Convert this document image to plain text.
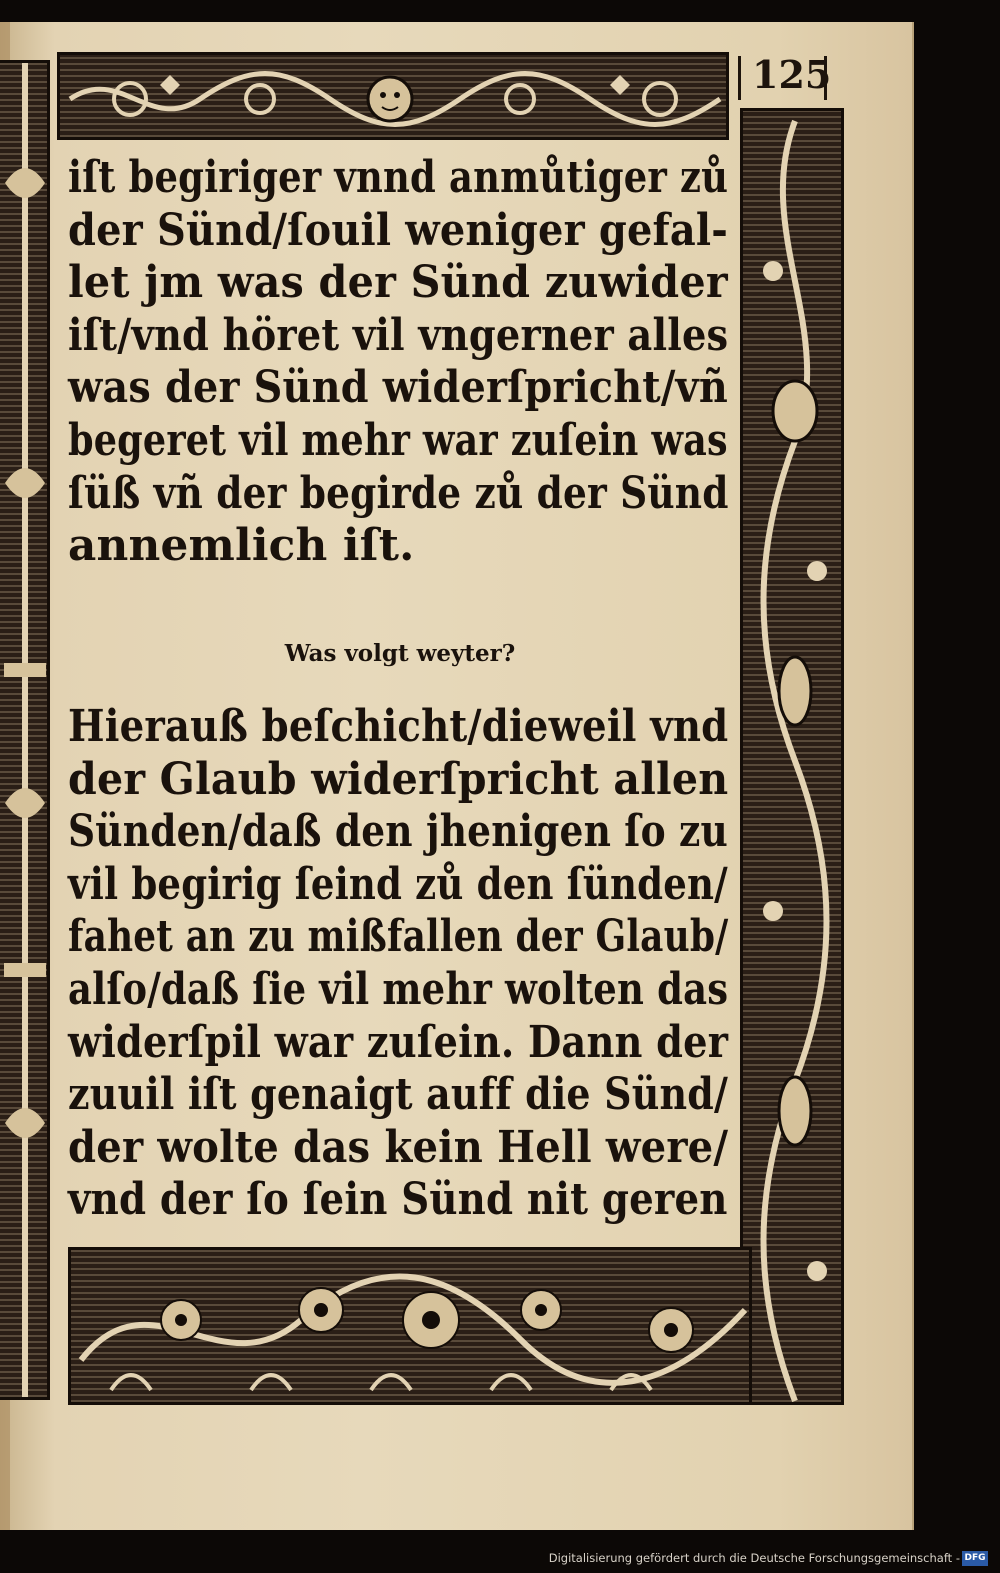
125
iſt begiriger vnnd anmůtiger zů
der Sünd/ſouil weniger gefal-
let jm was der Sünd zuwider
iſt/vnd höret vil vngerner alles
was der Sünd widerſpricht/vñ
begeret vil mehr war zuſein was
ſüß vñ der begirde zů der Sünd
annemlich iſt.
Was volgt weyter?
Hierauß beſchicht/dieweil vnd
der Glaub widerſpricht allen
Sünden/daß den jhenigen ſo zu
vil begirig ſeind zů den ſünden/
fahet an zu mißfallen der Glaub/
alſo/daß ſie vil mehr wolten das
widerſpil war zuſein. Dann der
zuuil iſt genaigt auff die Sünd/
der wolte das kein Hell were/
vnd der ſo ſein Sünd nit geren
Digitalisierung gefördert durch die Deutsche Forschungsgemeinschaft - DFG
